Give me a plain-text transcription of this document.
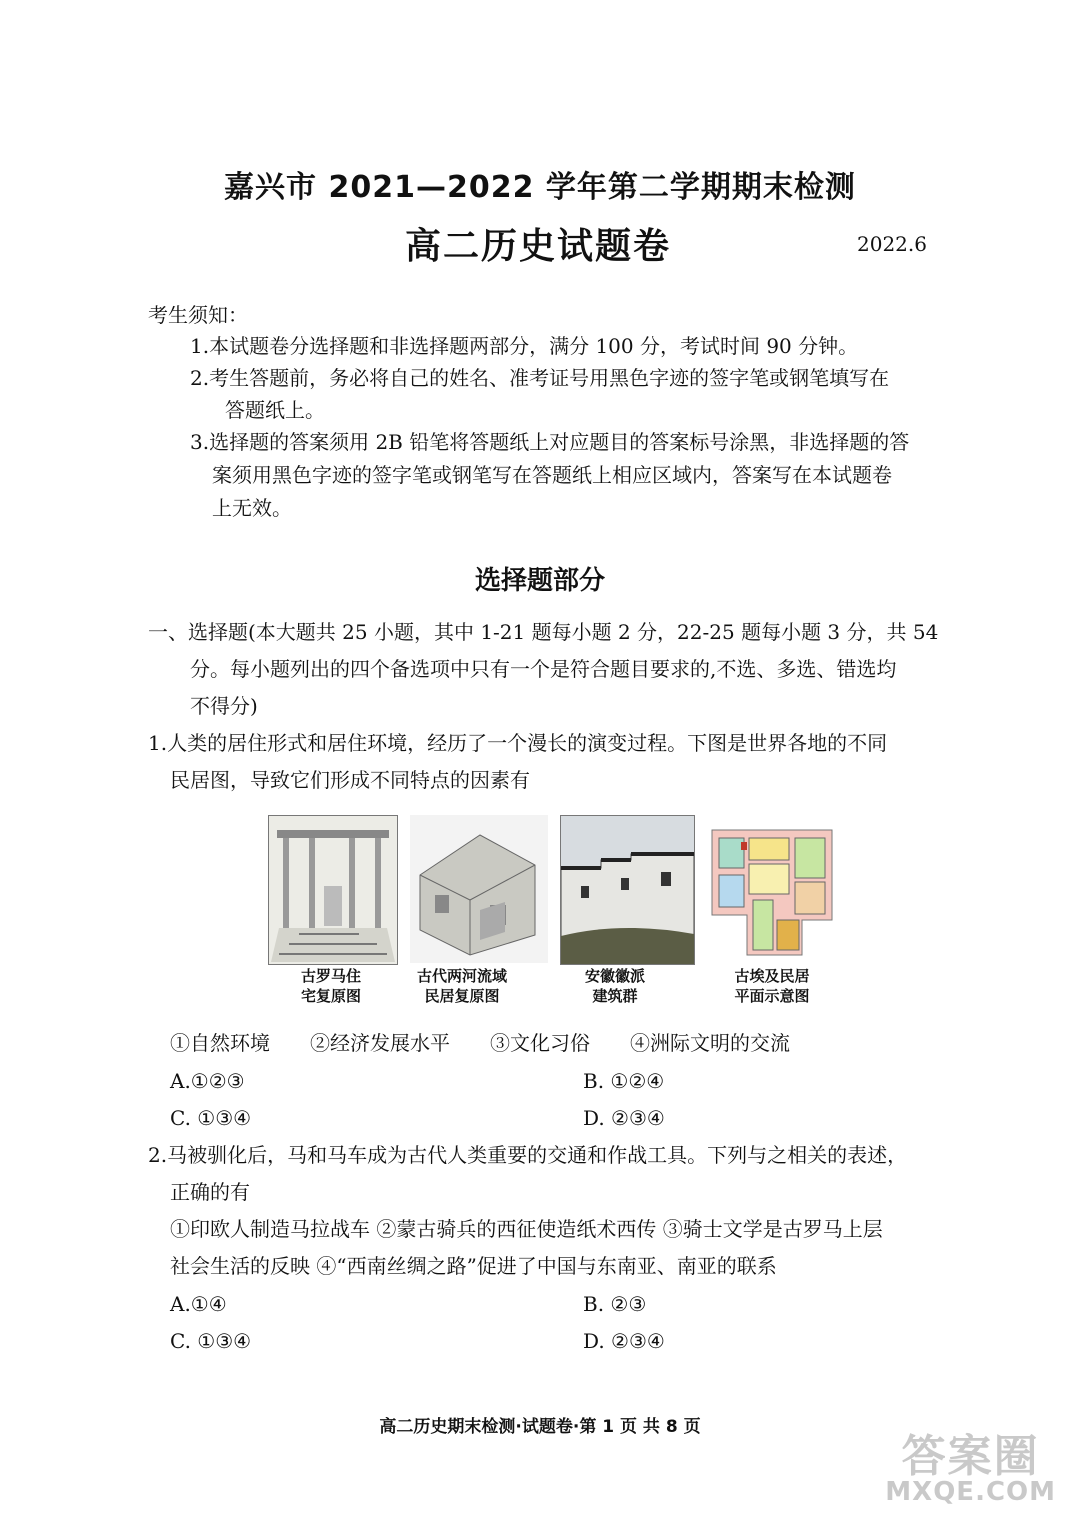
嘉兴市 2021—2022 学年第二学期期末检测
高二历史试题卷	2022.6
考生须知：
1.本试题卷分选择题和非选择题两部分，满分 100 分，考试时间 90 分钟。
2.考生答题前，务必将自己的姓名、准考证号用黑色字迹的签字笔或钢笔填写在
答题纸上。
3.选择题的答案须用 2B 铅笔将答题纸上对应题目的答案标号涂黑，非选择题的答
案须用黑色字迹的签字笔或钢笔写在答题纸上相应区域内，答案写在本试题卷
上无效。
选择题部分
一、选择题(本大题共 25 小题，其中 1-21 题每小题 2 分，22-25 题每小题 3 分，共 54
分。每小题列出的四个备选项中只有一个是符合题目要求的,不选、多选、错选均
不得分)
1.人类的居住形式和居住环境，经历了一个漫长的演变过程。下图是世界各地的不同
民居图，导致它们形成不同特点的因素有
古罗马住
宅复原图
古代两河流域
民居复原图
安徽徽派
建筑群
古埃及民居
平面示意图
①自然环境　　②经济发展水平　　③文化习俗　　④洲际文明的交流
A.①②③	B. ①②④
C. ①③④	D. ②③④
2.马被驯化后，马和马车成为古代人类重要的交通和作战工具。下列与之相关的表述，
正确的有
①印欧人制造马拉战车 ②蒙古骑兵的西征使造纸术西传 ③骑士文学是古罗马上层
社会生活的反映 ④“西南丝绸之路”促进了中国与东南亚、南亚的联系
A.①④	B. ②③
C. ①③④	D. ②③④
高二历史期末检测·试题卷·第 1 页 共 8 页
答案圈
MXQE.COM
